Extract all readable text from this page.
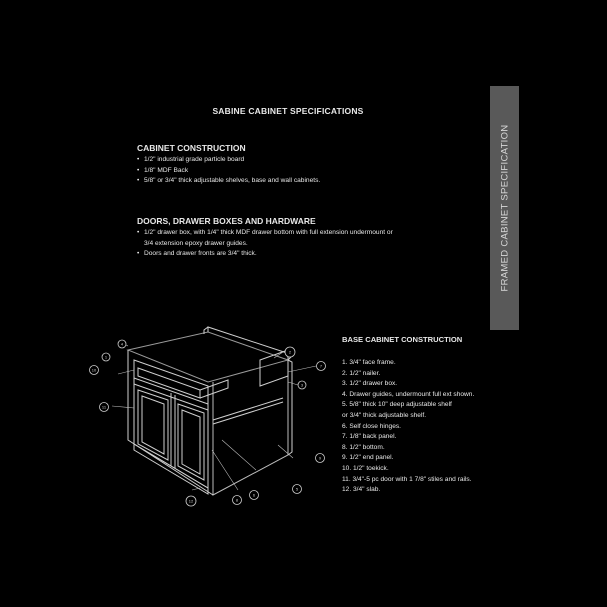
SABINE CABINET SPECIFICATIONS
FRAMED CABINET SPECIFICATION
CABINET CONSTRUCTION
• 1/2" industrial grade particle board
• 1/8" MDF Back
• 5/8" or 3/4" thick adjustable shelves, base and wall cabinets.
DOORS, DRAWER BOXES AND HARDWARE
• 1/2" drawer box, with 1/4" thick MDF drawer bottom with full extension undermount or
3/4 extension epoxy drawer guides.
• Doors and drawer fronts are 3/4" thick.
BASE CABINET CONSTRUCTION
1. 3/4" face frame.
2. 1/2" nailer.
3. 1/2" drawer box.
4. Drawer guides, undermount full ext shown.
5. 5/8" thick 10" deep adjustable shelf
or 3/4" thick adjustable shelf.
6. Self close hinges.
7. 1/8" back panel.
8. 1/2" bottom.
9. 1/2" end panel.
10. 1/2" toekick.
11. 3/4"-5 pc door with 1 7/8" stiles and rails.
12. 3/4" slab.
4
1
10
11
12	8
6
5
9
2
3
7
